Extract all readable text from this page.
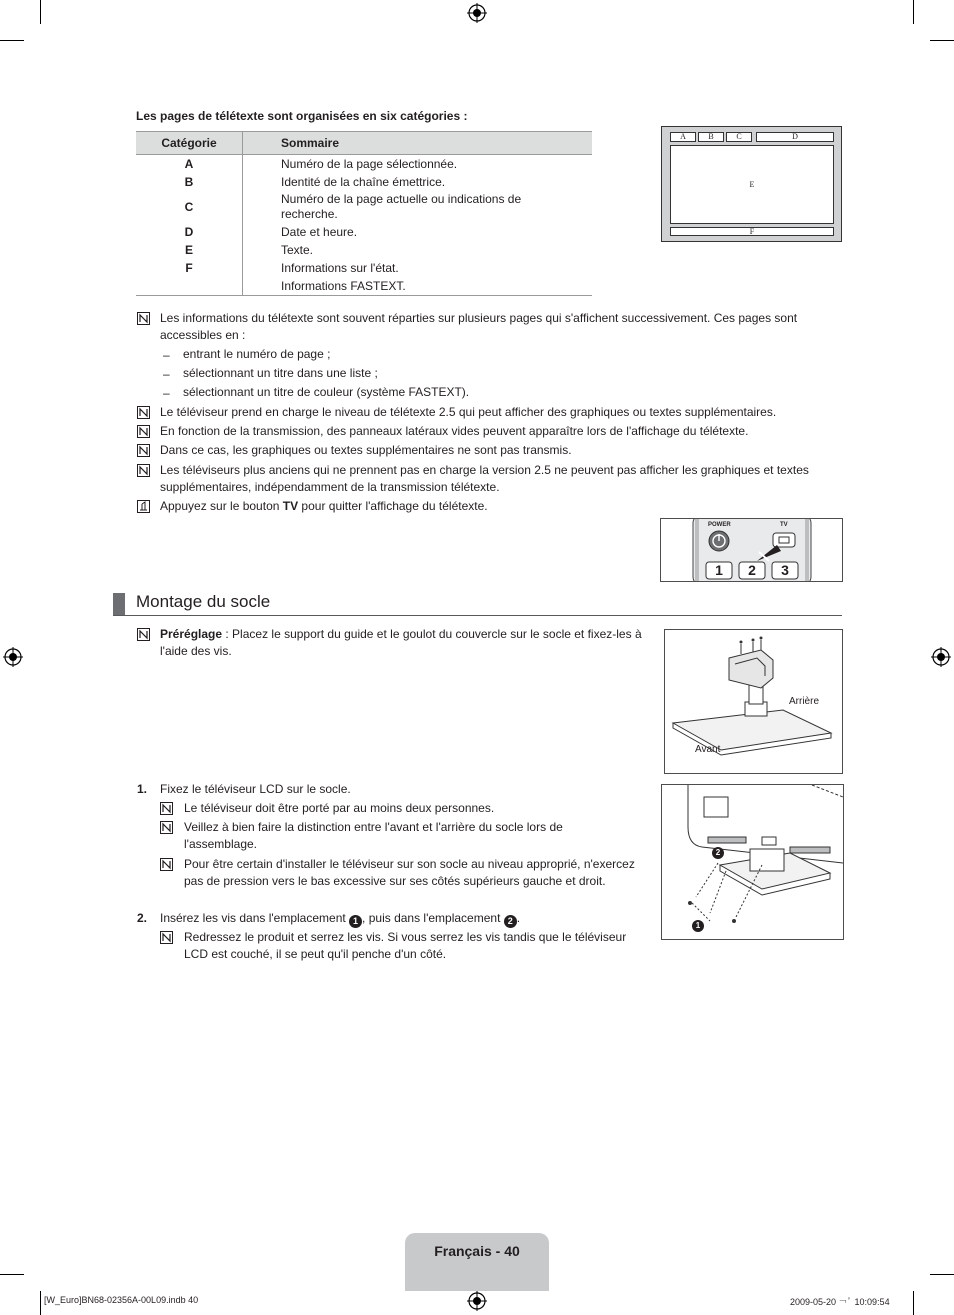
Les pages de télétexte sont organisées en six catégories :
Catégorie	Sommaire
A	Numéro de la page sélectionnée.
B	Identité de la chaîne émettrice.
C	Numéro de la page actuelle ou indications de recherche.
D	Date et heure.
E	Texte.
F	Informations sur l'état.
	Informations FASTEXT.
A	B	C	D
E
F
Les informations du télétexte sont souvent réparties sur plusieurs pages qui s'affichent successivement. Ces pages sont accessibles en :
– entrant le numéro de page ;
– sélectionnant un titre dans une liste ;
– sélectionnant un titre de couleur (système FASTEXT).
Le téléviseur prend en charge le niveau de télétexte 2.5 qui peut afficher des graphiques ou textes supplémentaires.
En fonction de la transmission, des panneaux latéraux vides peuvent apparaître lors de l'affichage du télétexte.
Dans ce cas, les graphiques ou textes supplémentaires ne sont pas transmis.
Les téléviseurs plus anciens qui ne prennent pas en charge la version 2.5 ne peuvent pas afficher les graphiques et textes supplémentaires, indépendamment de la transmission télétexte.
Appuyez sur le bouton TV pour quitter l'affichage du télétexte.
POWER	TV
1	2	3
Montage du socle
Préréglage : Placez le support du guide et le goulot du couvercle sur le socle et fixez-les à l'aide des vis.
Arrière
Avant
1. Fixez le téléviseur LCD sur le socle.
Le téléviseur doit être porté par au moins deux personnes.
Veillez à bien faire la distinction entre l'avant et l'arrière du socle lors de l'assemblage.
Pour être certain d'installer le téléviseur sur son socle au niveau approprié, n'exercez pas de pression vers le bas excessive sur ses côtés supérieurs gauche et droit.
2. Insérez les vis dans l'emplacement 1 , puis dans l'emplacement 2 .
Redressez le produit et serrez les vis. Si vous serrez les vis tandis que le téléviseur LCD est couché, il se peut qu'il penche d'un côté.
2
1
Français - 40
[W_Euro]BN68-02356A-00L09.indb 40	2009-05-20 ￢ﾟ 10:09:54
